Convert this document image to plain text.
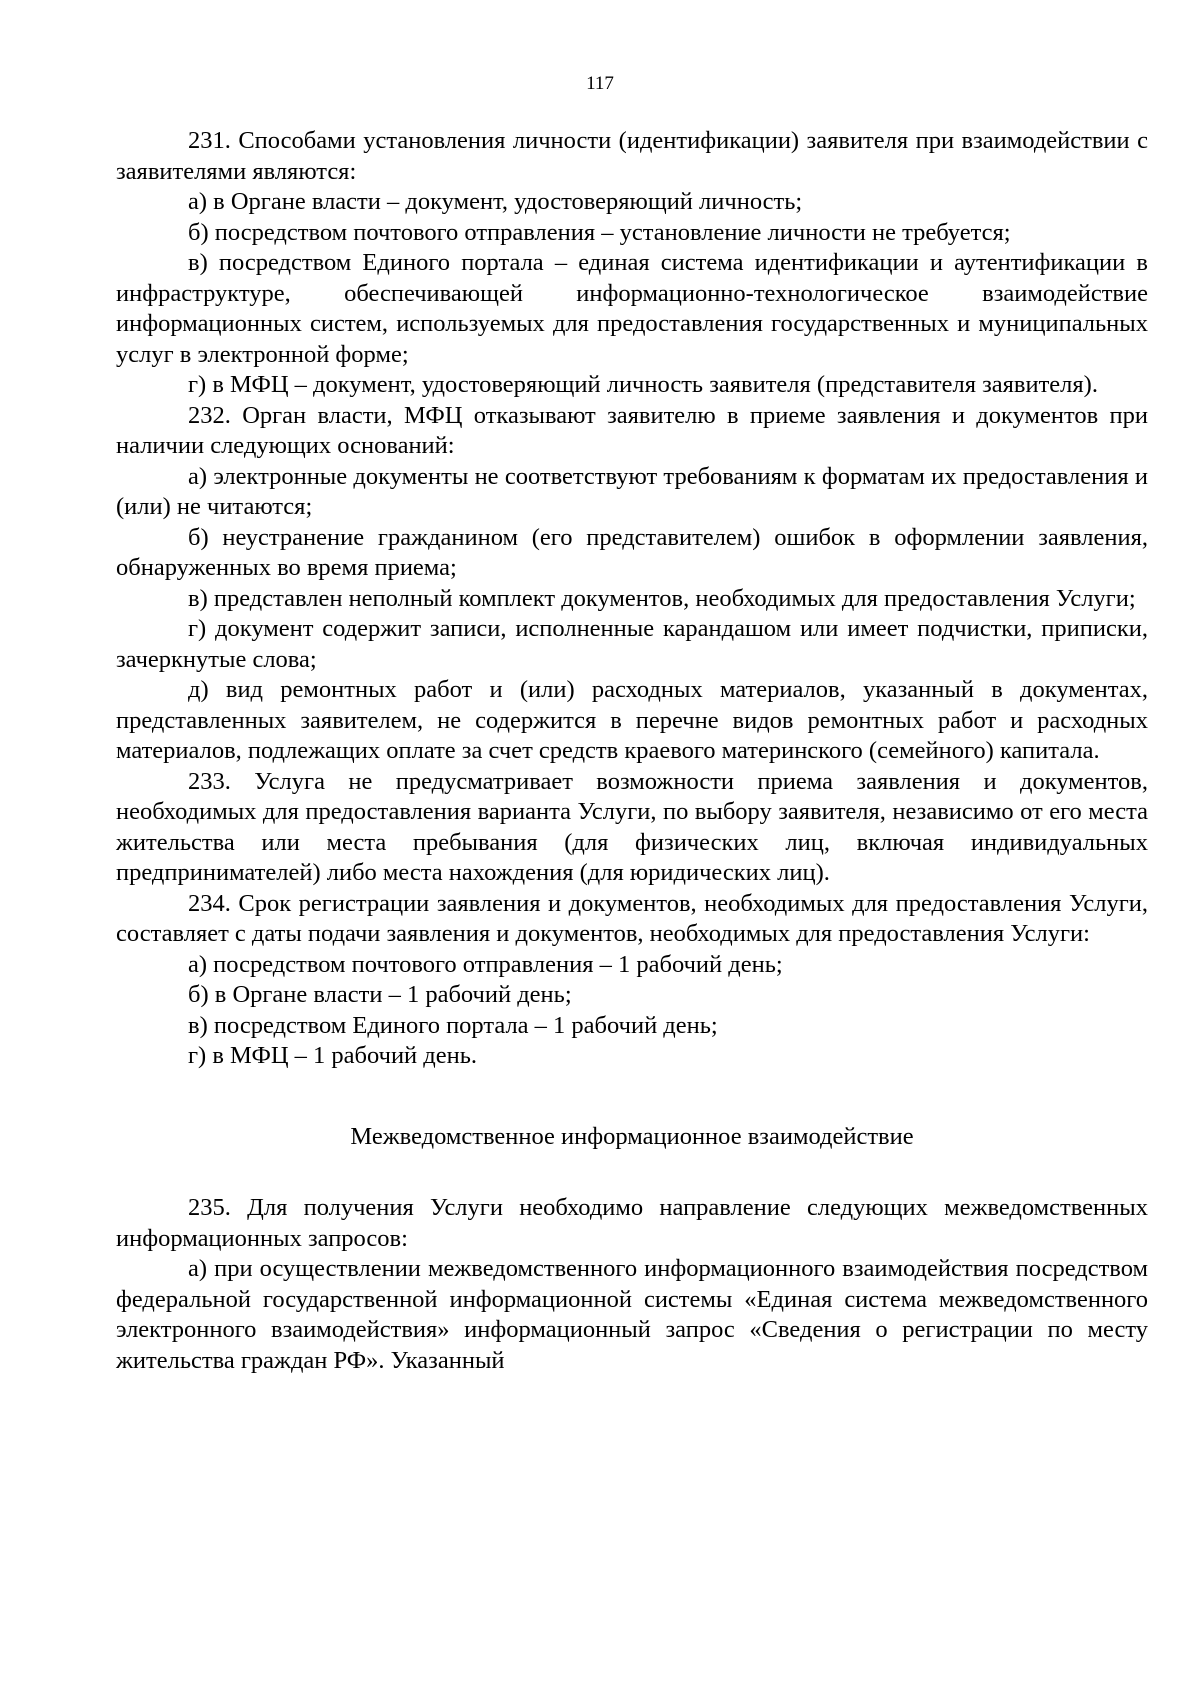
117

231. Способами установления личности (идентификации) заявителя при взаимодействии с заявителями являются:

а) в Органе власти – документ, удостоверяющий личность;

б) посредством почтового отправления – установление личности не требуется;

в) посредством Единого портала – единая система идентификации и аутентификации в инфраструктуре, обеспечивающей информационно-технологическое взаимодействие информационных систем, используемых для предоставления государственных и муниципальных услуг в электронной форме;

г) в МФЦ – документ, удостоверяющий личность заявителя (представителя заявителя).

232. Орган власти, МФЦ отказывают заявителю в приеме заявления и документов при наличии следующих оснований:

а) электронные документы не соответствуют требованиям к форматам их предоставления и (или) не читаются;

б) неустранение гражданином (его представителем) ошибок в оформлении заявления, обнаруженных во время приема;

в) представлен неполный комплект документов, необходимых для предоставления Услуги;

г) документ содержит записи, исполненные карандашом или имеет подчистки, приписки, зачеркнутые слова;

д) вид ремонтных работ и (или) расходных материалов, указанный в документах, представленных заявителем, не содержится в перечне видов ремонтных работ и расходных материалов, подлежащих оплате за счет средств краевого материнского (семейного) капитала.

233. Услуга не предусматривает возможности приема заявления и документов, необходимых для предоставления варианта Услуги, по выбору заявителя, независимо от его места жительства или места пребывания (для физических лиц, включая индивидуальных предпринимателей) либо места нахождения (для юридических лиц).

234. Срок регистрации заявления и документов, необходимых для предоставления Услуги, составляет с даты подачи заявления и документов, необходимых для предоставления Услуги:

а) посредством почтового отправления – 1 рабочий день;

б) в Органе власти – 1 рабочий день;

в) посредством Единого портала – 1 рабочий день;

г) в МФЦ – 1 рабочий день.

Межведомственное информационное взаимодействие

235. Для получения Услуги необходимо направление следующих межведомственных информационных запросов:

а) при осуществлении межведомственного информационного взаимодействия посредством федеральной государственной информационной системы «Единая система межведомственного электронного взаимодействия» информационный запрос «Сведения о регистрации по месту жительства граждан РФ». Указанный
